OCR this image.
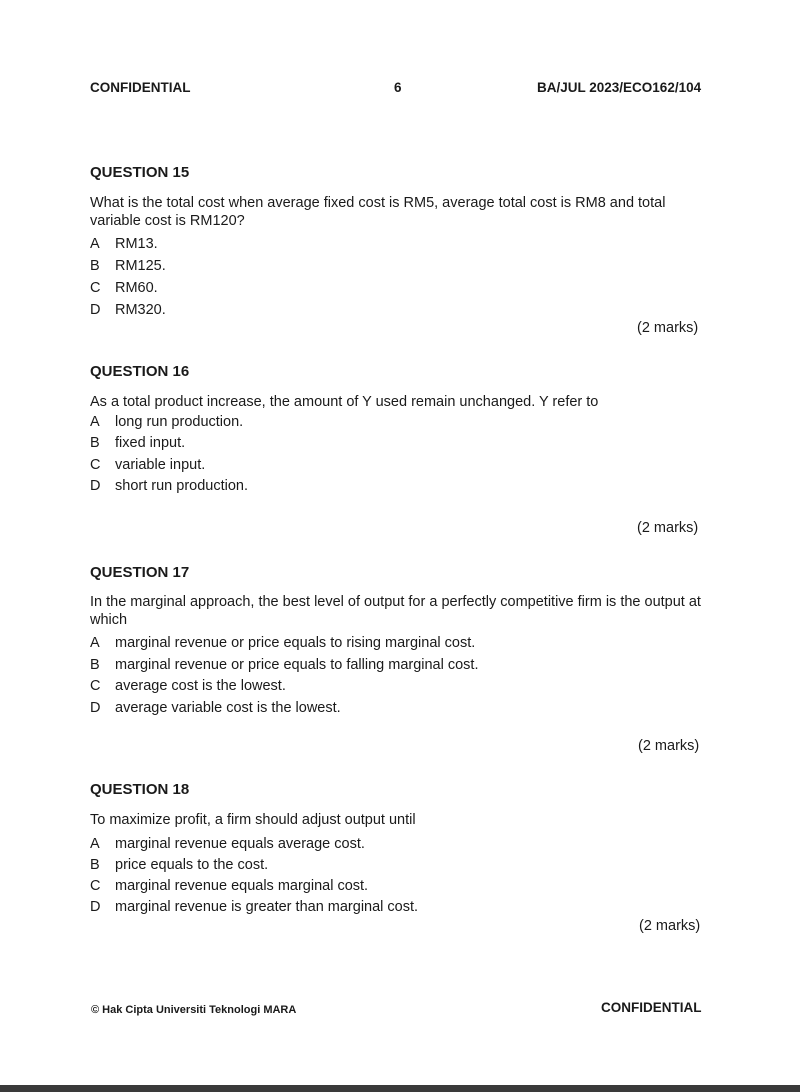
CONFIDENTIAL	6	BA/JUL 2023/ECO162/104
QUESTION 15
What is the total cost when average fixed cost is RM5, average total cost is RM8 and total variable cost is RM120?
A RM13.
B RM125.
C RM60.
D RM320.
(2 marks)
QUESTION 16
As a total product increase, the amount of Y used remain unchanged. Y refer to
A long run production.
B fixed input.
C variable input.
D short run production.
(2 marks)
QUESTION 17
In the marginal approach, the best level of output for a perfectly competitive firm is the output at which
A marginal revenue or price equals to rising marginal cost.
B marginal revenue or price equals to falling marginal cost.
C average cost is the lowest.
D average variable cost is the lowest.
(2 marks)
QUESTION 18
To maximize profit, a firm should adjust output until
A marginal revenue equals average cost.
B price equals to the cost.
C marginal revenue equals marginal cost.
D marginal revenue is greater than marginal cost.
(2 marks)
© Hak Cipta Universiti Teknologi MARA	CONFIDENTIAL
